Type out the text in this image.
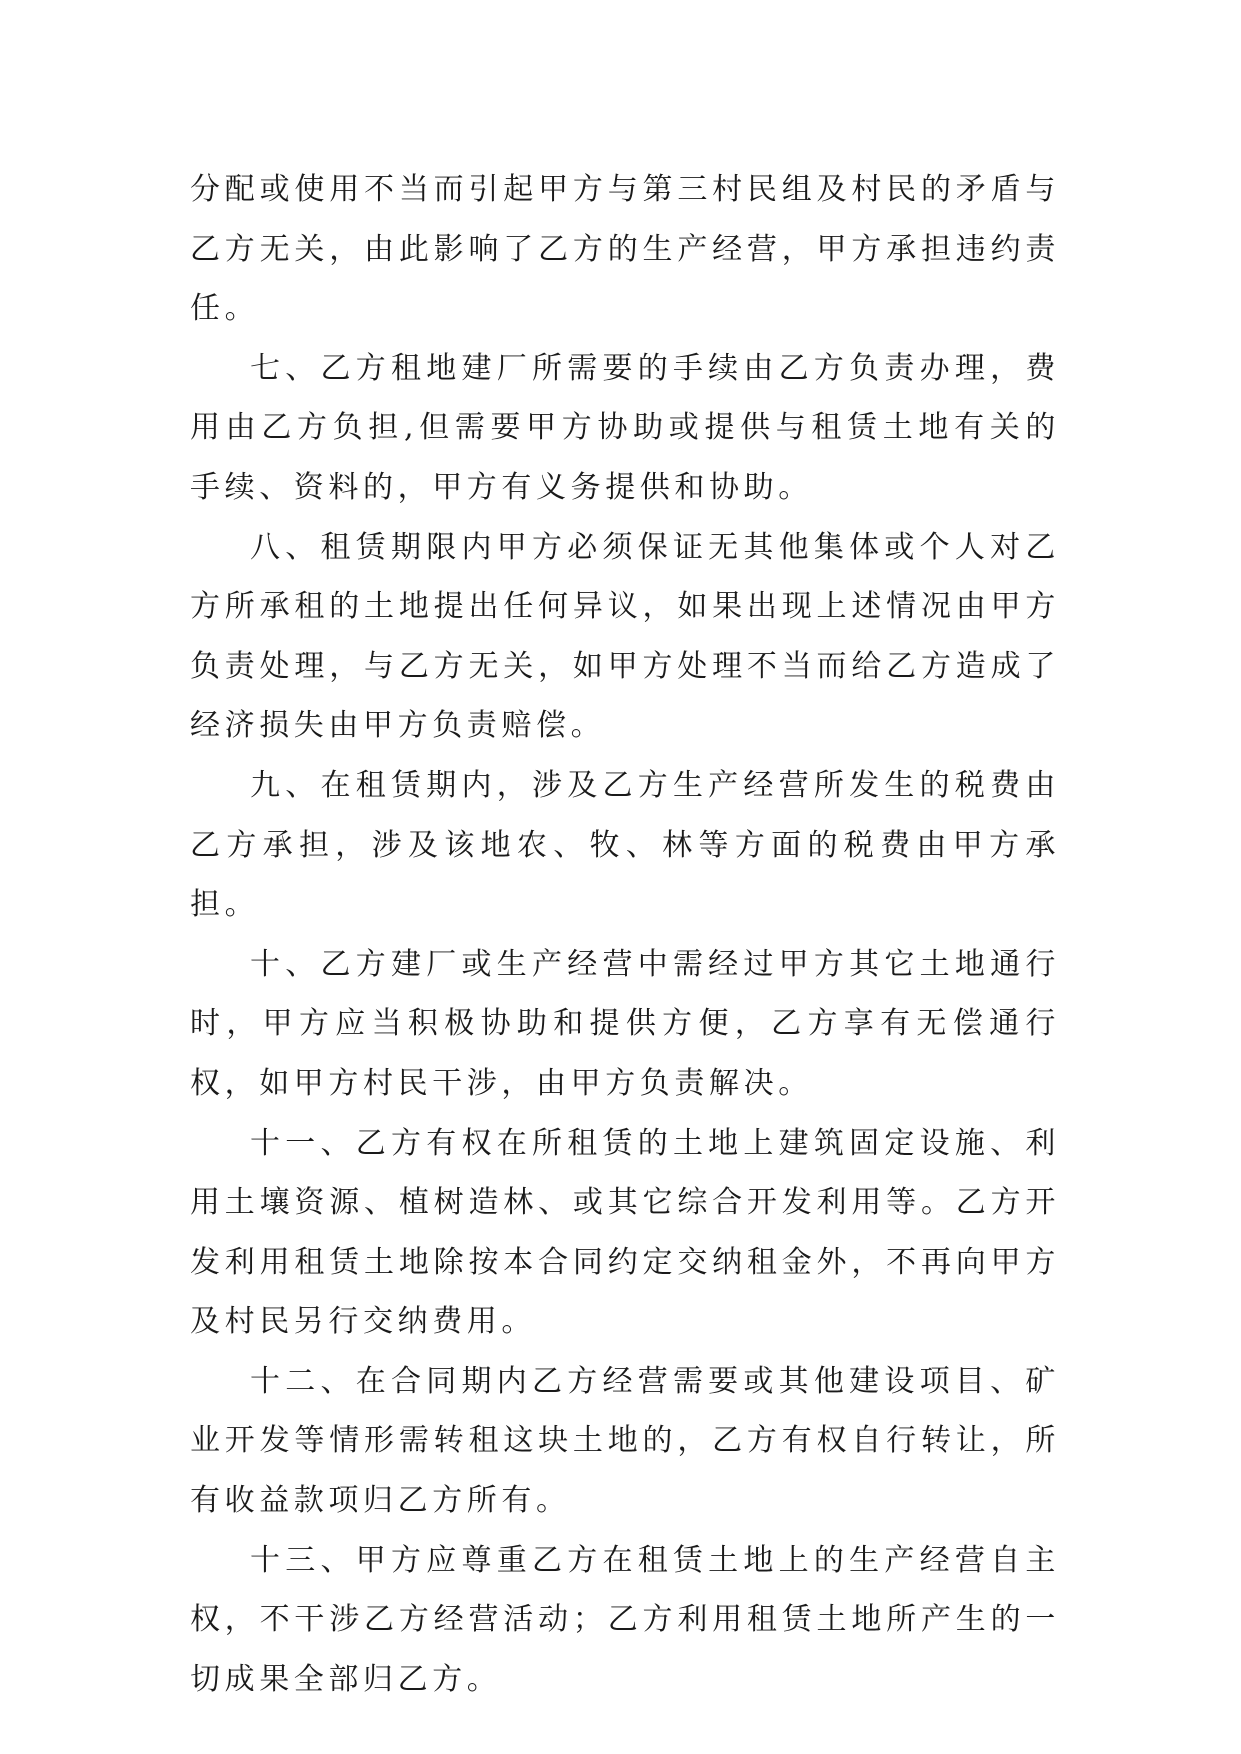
分配或使用不当而引起甲方与第三村民组及村民的矛盾与乙方无关，由此影响了乙方的生产经营，甲方承担违约责任。

七、乙方租地建厂所需要的手续由乙方负责办理，费用由乙方负担,但需要甲方协助或提供与租赁土地有关的手续、资料的，甲方有义务提供和协助。

八、租赁期限内甲方必须保证无其他集体或个人对乙方所承租的土地提出任何异议，如果出现上述情况由甲方负责处理，与乙方无关，如甲方处理不当而给乙方造成了经济损失由甲方负责赔偿。

九、在租赁期内，涉及乙方生产经营所发生的税费由乙方承担，涉及该地农、牧、林等方面的税费由甲方承担。

十、乙方建厂或生产经营中需经过甲方其它土地通行时，甲方应当积极协助和提供方便，乙方享有无偿通行权，如甲方村民干涉，由甲方负责解决。

十一、乙方有权在所租赁的土地上建筑固定设施、利用土壤资源、植树造林、或其它综合开发利用等。乙方开发利用租赁土地除按本合同约定交纳租金外，不再向甲方及村民另行交纳费用。

十二、在合同期内乙方经营需要或其他建设项目、矿业开发等情形需转租这块土地的，乙方有权自行转让，所有收益款项归乙方所有。

十三、甲方应尊重乙方在租赁土地上的生产经营自主权，不干涉乙方经营活动；乙方利用租赁土地所产生的一切成果全部归乙方。
